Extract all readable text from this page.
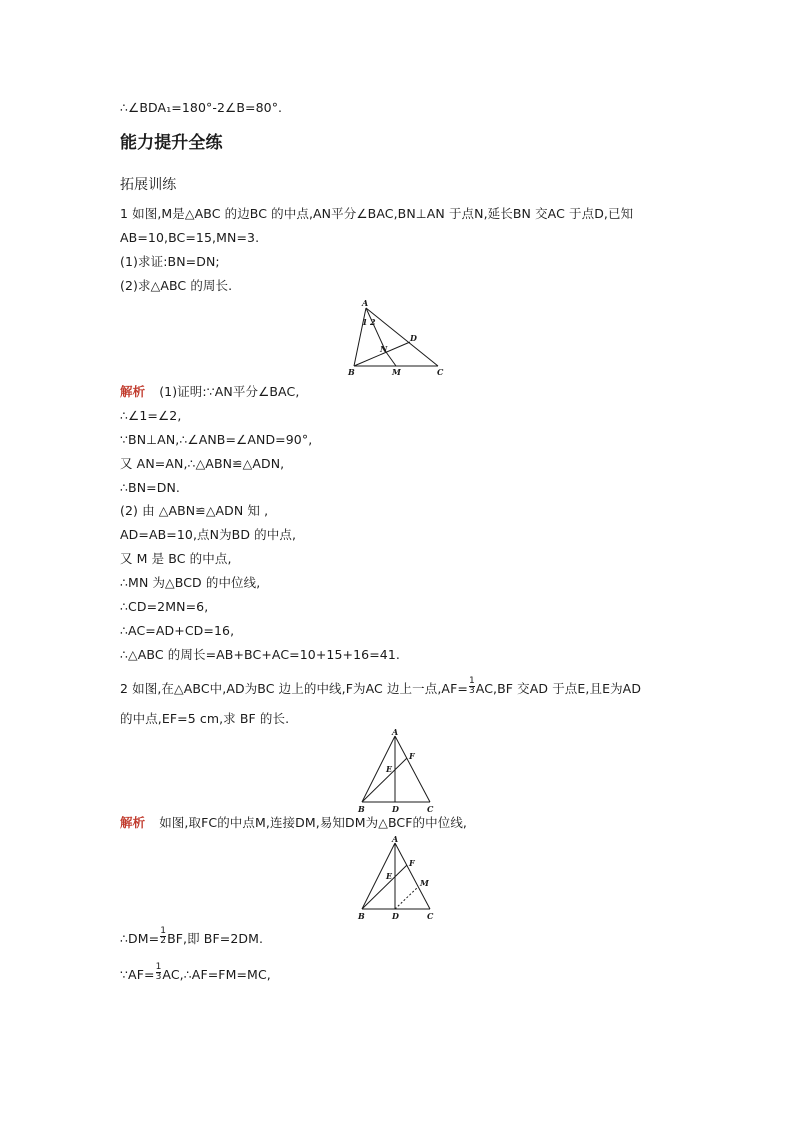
∴∠BDA₁=180°-2∠B=80°.
能力提升全练
拓展训练
1 如图,M是△ABC 的边BC 的中点,AN平分∠BAC,BN⊥AN 于点N,延长BN 交AC 于点D,已知
AB=10,BC=15,MN=3.
(1)求证:BN=DN;
(2)求△ABC 的周长.
A
B	C
D
M
N
1 2
解析 (1)证明:∵AN平分∠BAC,
∴∠1=∠2,
∵BN⊥AN,∴∠ANB=∠AND=90°,
又 AN=AN,∴△ABN≌△ADN,
∴BN=DN.
(2) 由 △ABN≌△ADN 知 ,
AD=AB=10,点N为BD 的中点,
又 M 是 BC 的中点,
∴MN 为△BCD 的中位线,
∴CD=2MN=6,
∴AC=AD+CD=16,
∴△ABC 的周长=AB+BC+AC=10+15+16=41.
2 如图,在△ABC中,AD为BC 边上的中线,F为AC 边上一点$,AF= \frac{1}{3} AC,BF$ 交AD 于点E,且E为AD
的中点,EF=5 cm,求 BF 的长.
A
B	C
D
E
F
解析 如图,取FC的中点M,连接DM,易知DM为△BCF的中位线,
A
B	C
D
E
F
M
∴DM= $\frac{1}{2}$ BF,即 BF=2DM.
∵AF= $\frac{1}{3}$ AC,∴AF=FM=MC,
